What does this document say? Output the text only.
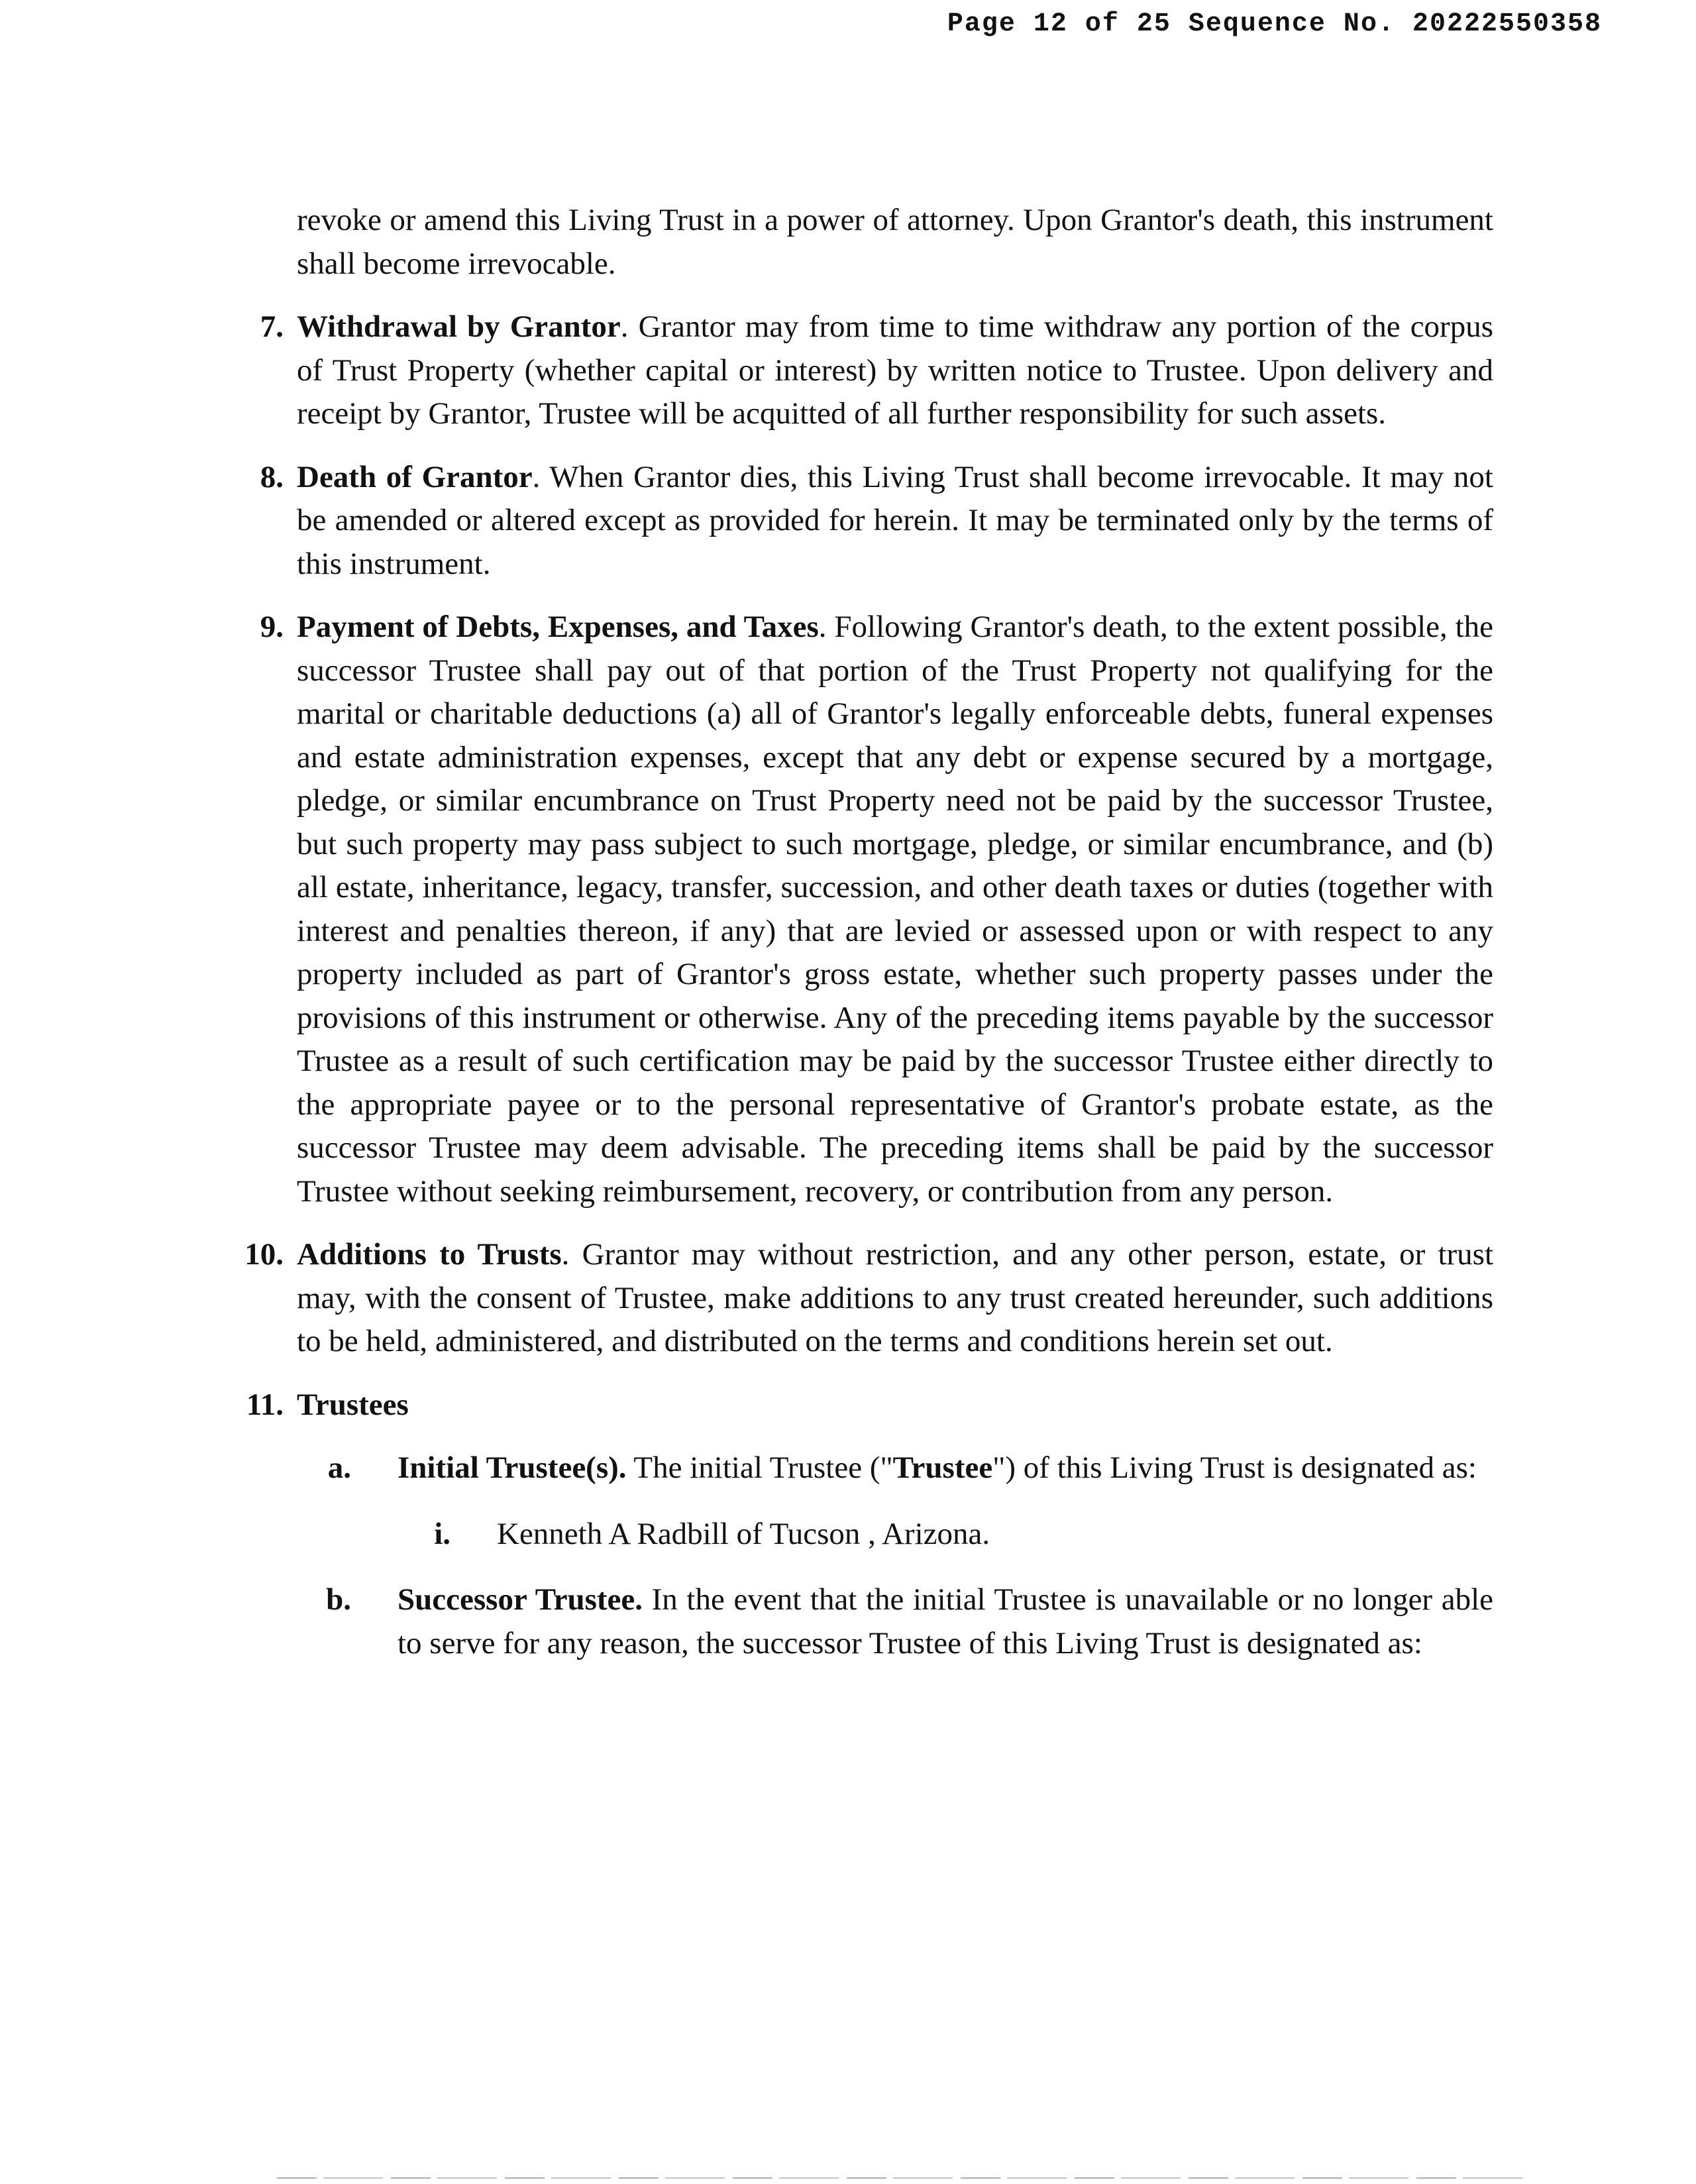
Page 12 of 25 Sequence No. 20222550358
revoke or amend this Living Trust in a power of attorney. Upon Grantor's death, this instrument shall become irrevocable.
7. Withdrawal by Grantor. Grantor may from time to time withdraw any portion of the corpus of Trust Property (whether capital or interest) by written notice to Trustee. Upon delivery and receipt by Grantor, Trustee will be acquitted of all further responsibility for such assets.
8. Death of Grantor. When Grantor dies, this Living Trust shall become irrevocable. It may not be amended or altered except as provided for herein. It may be terminated only by the terms of this instrument.
9. Payment of Debts, Expenses, and Taxes. Following Grantor's death, to the extent possible, the successor Trustee shall pay out of that portion of the Trust Property not qualifying for the marital or charitable deductions (a) all of Grantor's legally enforceable debts, funeral expenses and estate administration expenses, except that any debt or expense secured by a mortgage, pledge, or similar encumbrance on Trust Property need not be paid by the successor Trustee, but such property may pass subject to such mortgage, pledge, or similar encumbrance, and (b) all estate, inheritance, legacy, transfer, succession, and other death taxes or duties (together with interest and penalties thereon, if any) that are levied or assessed upon or with respect to any property included as part of Grantor's gross estate, whether such property passes under the provisions of this instrument or otherwise. Any of the preceding items payable by the successor Trustee as a result of such certification may be paid by the successor Trustee either directly to the appropriate payee or to the personal representative of Grantor's probate estate, as the successor Trustee may deem advisable. The preceding items shall be paid by the successor Trustee without seeking reimbursement, recovery, or contribution from any person.
10. Additions to Trusts. Grantor may without restriction, and any other person, estate, or trust may, with the consent of Trustee, make additions to any trust created hereunder, such additions to be held, administered, and distributed on the terms and conditions herein set out.
11. Trustees
a. Initial Trustee(s). The initial Trustee ("Trustee") of this Living Trust is designated as:
i. Kenneth A Radbill of Tucson , Arizona.
b. Successor Trustee. In the event that the initial Trustee is unavailable or no longer able to serve for any reason, the successor Trustee of this Living Trust is designated as:
